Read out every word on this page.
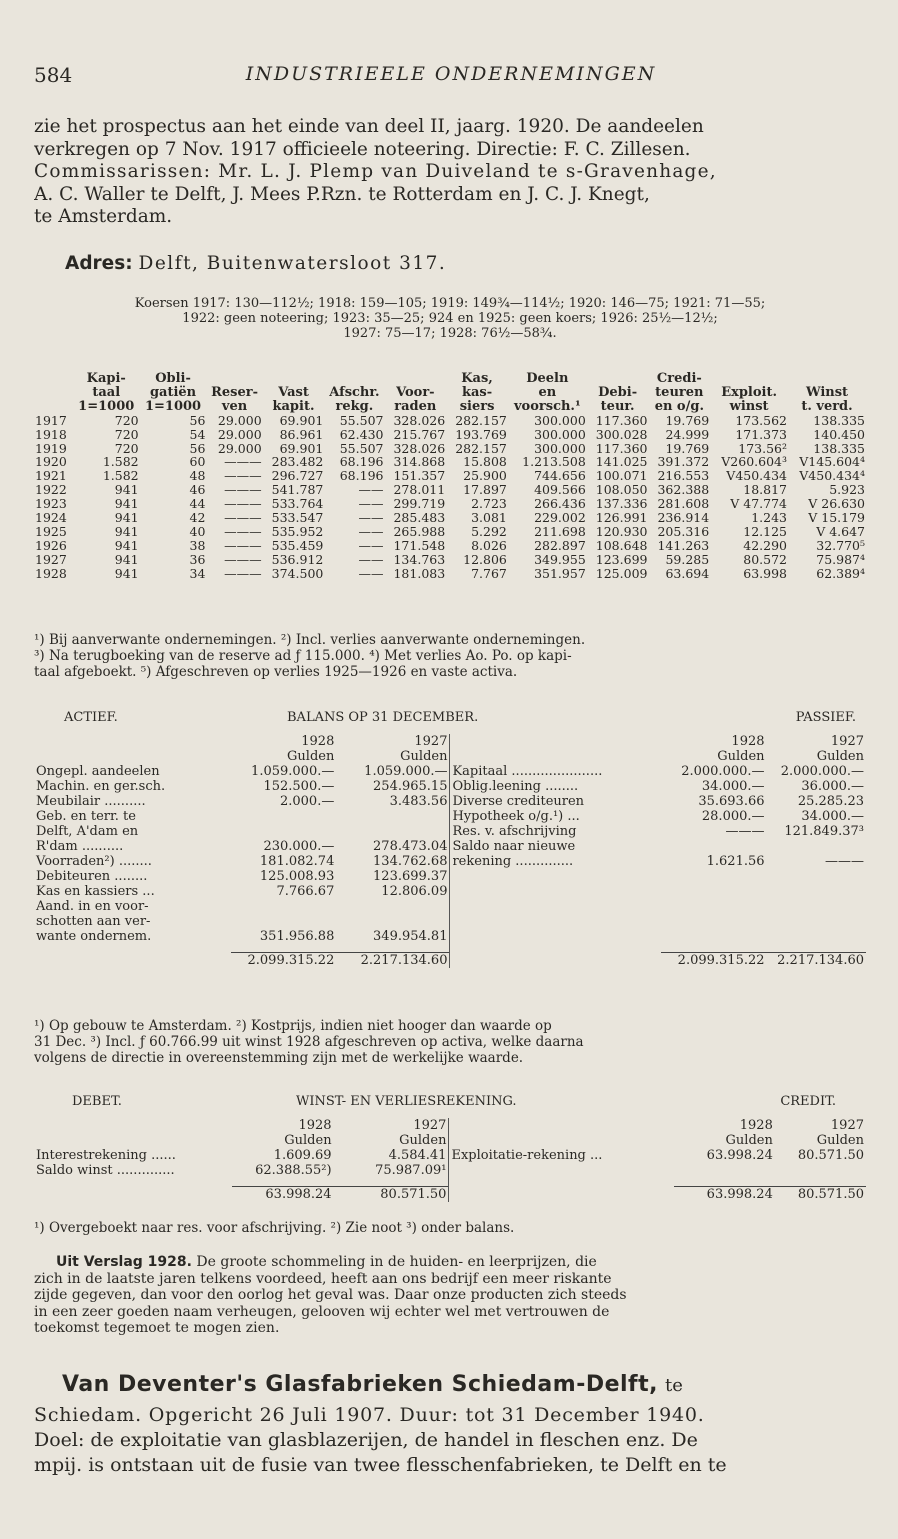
584	INDUSTRIEELE ONDERNEMINGEN
zie het prospectus aan het einde van deel II, jaarg. 1920. De aandeelen
verkregen op 7 Nov. 1917 officieele noteering. Directie: F. C. Zillesen.
Commissarissen: Mr. L. J. Plemp van Duiveland te s-Gravenhage,
A. C. Waller te Delft, J. Mees P.Rzn. te Rotterdam en J. C. J. Knegt,
te Amsterdam.
Adres: Delft, Buitenwatersloot 317.
Koersen 1917: 130—112½; 1918: 159—105; 1919: 149¾—114½; 1920: 146—75; 1921: 71—55;
1922: geen noteering; 1923: 35—25; 924 en 1925: geen koers; 1926: 25½—12½;
1927: 75—17; 1928: 76½—58¾.
	Kapi-	Obli-					Kas,	Deeln		Credi-		
	taal	gatiën	Reser-	Vast	Afschr.	Voor-	kas-	en	Debi-	teuren	Exploit.	Winst
	1=1000	1=1000	ven	kapit.	rekg.	raden	siers	voorsch.¹	teur.	en o/g.	winst	t. verd.
1917	720	56	29.000	69.901	55.507	328.026	282.157	300.000	117.360	19.769	173.562	138.335
1918	720	54	29.000	86.961	62.430	215.767	193.769	300.000	300.028	24.999	171.373	140.450
1919	720	56	29.000	69.901	55.507	328.026	282.157	300.000	117.360	19.769	173.56²	138.335
1920	1.582	60	———	283.482	68.196	314.868	15.808	1.213.508	141.025	391.372	V260.604³	V145.604⁴
1921	1.582	48	———	296.727	68.196	151.357	25.900	744.656	100.071	216.553	V450.434	V450.434⁴
1922	941	46	———	541.787	——	278.011	17.897	409.566	108.050	362.388	18.817	5.923
1923	941	44	———	533.764	——	299.719	2.723	266.436	137.336	281.608	V 47.774	V 26.630
1924	941	42	———	533.547	——	285.483	3.081	229.002	126.991	236.914	1.243	V 15.179
1925	941	40	———	535.952	——	265.988	5.292	211.698	120.930	205.316	12.125	V 4.647
1926	941	38	———	535.459	——	171.548	8.026	282.897	108.648	141.263	42.290	32.770⁵
1927	941	36	———	536.912	——	134.763	12.806	349.955	123.699	59.285	80.572	75.987⁴
1928	941	34	———	374.500	——	181.083	7.767	351.957	125.009	63.694	63.998	62.389⁴
¹) Bij aanverwante ondernemingen. ²) Incl. verlies aanverwante ondernemingen.
³) Na terugboeking van de reserve ad ƒ 115.000. ⁴) Met verlies Ao. Po. op kapi-
taal afgeboekt. ⁵) Afgeschreven op verlies 1925—1926 en vaste activa.
ACTIEF.	BALANS OP 31 DECEMBER.	PASSIEF.
	1928	1927		1928	1927
	Gulden	Gulden		Gulden	Gulden
Ongepl. aandeelen	1.059.000.—	1.059.000.—	Kapitaal ......................	2.000.000.—	2.000.000.—
Machin. en ger.sch.	152.500.—	254.965.15	Oblig.leening ........	34.000.—	36.000.—
Meubilair ..........	2.000.—	3.483.56	Diverse crediteuren	35.693.66	25.285.23
Geb. en terr. te			Hypotheek o/g.¹) ...	28.000.—	34.000.—
Delft, A'dam en			Res. v. afschrijving	———	121.849.37³
R'dam ..........	230.000.—	278.473.04	Saldo naar nieuwe		
Voorraden²) ........	181.082.74	134.762.68	rekening ..............	1.621.56	———
Debiteuren ........	125.008.93	123.699.37			
Kas en kassiers ...	7.766.67	12.806.09			
Aand. in en voor-					
schotten aan ver-					
wante ondernem.	351.956.88	349.954.81			

	2.099.315.22	2.217.134.60		2.099.315.22	2.217.134.60
¹) Op gebouw te Amsterdam. ²) Kostprijs, indien niet hooger dan waarde op
31 Dec. ³) Incl. ƒ 60.766.99 uit winst 1928 afgeschreven op activa, welke daarna
volgens de directie in overeenstemming zijn met de werkelijke waarde.
DEBET.	WINST- EN VERLIESREKENING.	CREDIT.
	1928	1927		1928	1927
	Gulden	Gulden		Gulden	Gulden
Interestrekening ......	1.609.69	4.584.41	Exploitatie-rekening ...	63.998.24	80.571.50
Saldo winst ..............	62.388.55²)	75.987.09¹			

	63.998.24	80.571.50		63.998.24	80.571.50
¹) Overgeboekt naar res. voor afschrijving. ²) Zie noot ³) onder balans.
Uit Verslag 1928. De groote schommeling in de huiden- en leerprijzen, die
zich in de laatste jaren telkens voordeed, heeft aan ons bedrijf een meer riskante
zijde gegeven, dan voor den oorlog het geval was. Daar onze producten zich steeds
in een zeer goeden naam verheugen, gelooven wij echter wel met vertrouwen de
toekomst tegemoet te mogen zien.
Van Deventer's Glasfabrieken Schiedam-Delft, te
Schiedam. Opgericht 26 Juli 1907. Duur: tot 31 December 1940.
Doel: de exploitatie van glasblazerijen, de handel in fleschen enz. De
mpij. is ontstaan uit de fusie van twee flesschenfabrieken, te Delft en te
